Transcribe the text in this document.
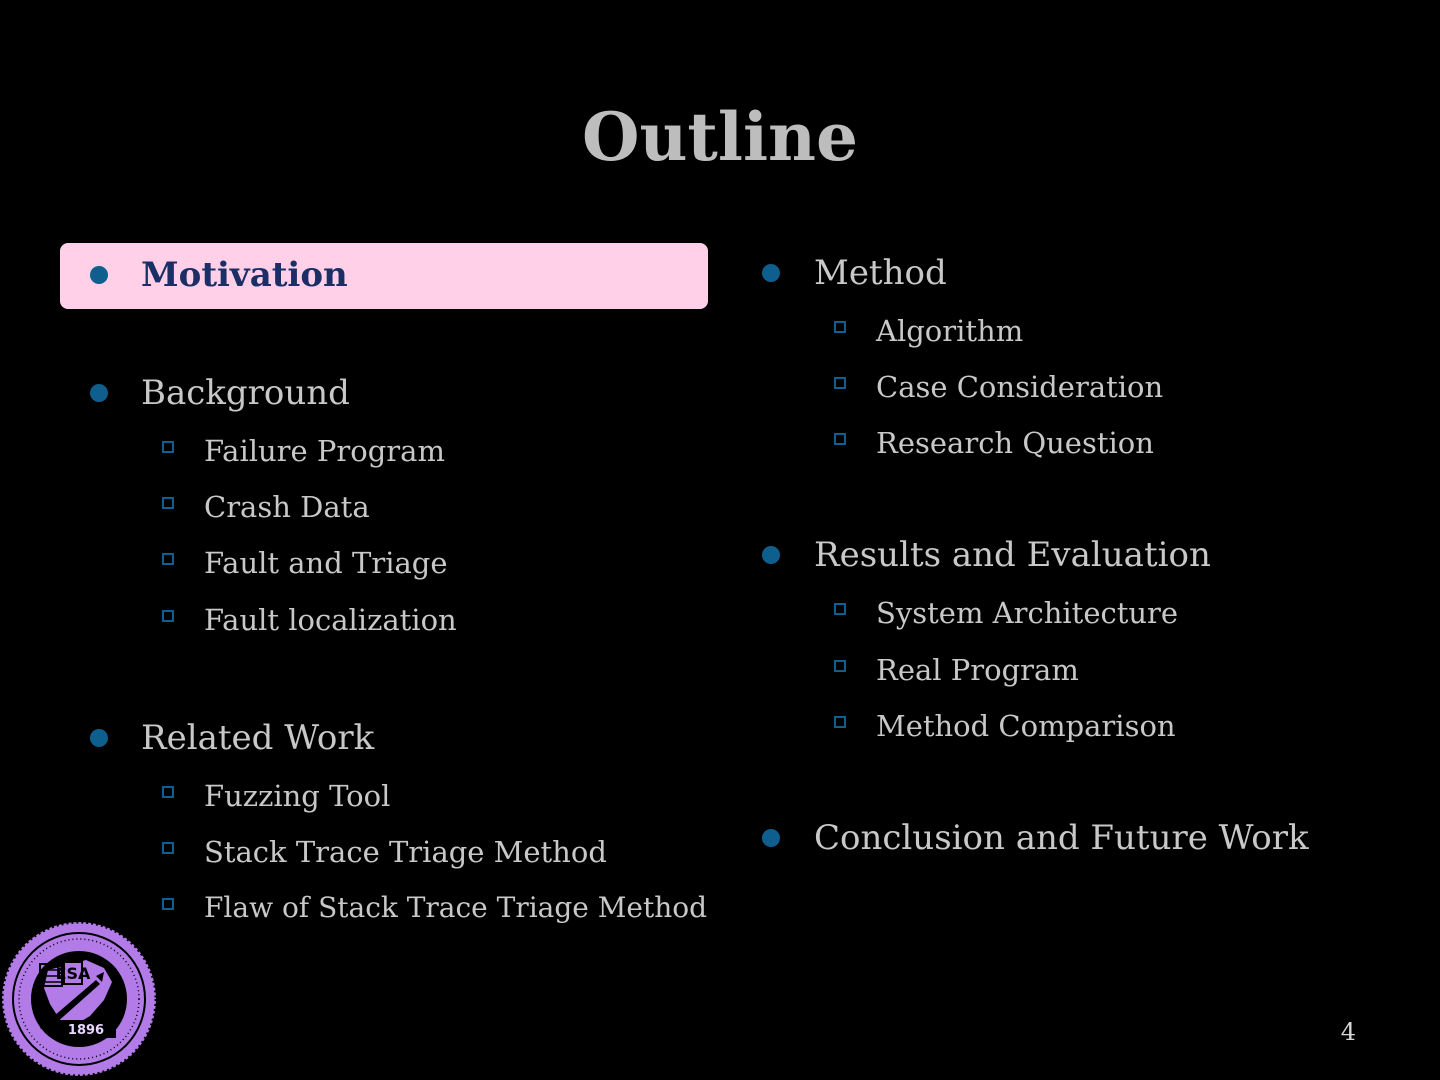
Outline
Motivation
Background
Failure Program
Crash Data
Fault and Triage
Fault localization
Related Work
Fuzzing Tool
Stack Trace Triage Method
Flaw of Stack Trace Triage Method
Method
Algorithm
Case Consideration
Research Question
Results and Evaluation
System Architecture
Real Program
Method Comparison
Conclusion and Future Work
ESA
1896	4
